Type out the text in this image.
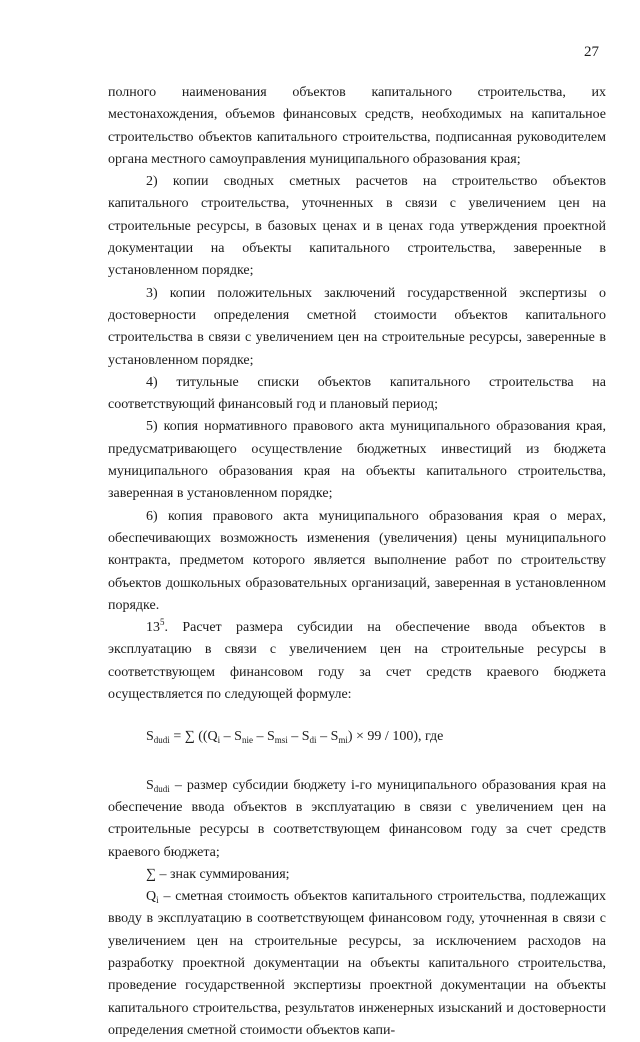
27

полного наименования объектов капитального строительства, их местонахождения, объемов финансовых средств, необходимых на капитальное строительство объектов капитального строительства, подписанная руководителем органа местного самоуправления муниципального образования края;

2) копии сводных сметных расчетов на строительство объектов капитального строительства, уточненных в связи с увеличением цен на строительные ресурсы, в базовых ценах и в ценах года утверждения проектной документации на объекты капитального строительства, заверенные в установленном порядке;

3) копии положительных заключений государственной экспертизы о достоверности определения сметной стоимости объектов капитального строительства в связи с увеличением цен на строительные ресурсы, заверенные в установленном порядке;

4) титульные списки объектов капитального строительства на соответствующий финансовый год и плановый период;

5) копия нормативного правового акта муниципального образования края, предусматривающего осуществление бюджетных инвестиций из бюджета муниципального образования края на объекты капитального строительства, заверенная в установленном порядке;

6) копия правового акта муниципального образования края о мерах, обеспечивающих возможность изменения (увеличения) цены муниципального контракта, предметом которого является выполнение работ по строительству объектов дошкольных образовательных организаций, заверенная в установленном порядке.

$13^5$. Расчет размера субсидии на обеспечение ввода объектов в эксплуатацию в связи с увеличением цен на строительные ресурсы в соответствующем финансовом году за счет средств краевого бюджета осуществляется по следующей формуле:

$S_{dudi}$ = ∑ $((Q_i - S_{nie} - S_{msi} - S_{di} - S_{mi}) \times 99 / 100)$, где

$S_{dudi}$ – размер субсидии бюджету i-го муниципального образования края на обеспечение ввода объектов в эксплуатацию в связи с увеличением цен на строительные ресурсы в соответствующем финансовом году за счет средств краевого бюджета;

∑ – знак суммирования;

$Q_i$ – сметная стоимость объектов капитального строительства, подлежащих вводу в эксплуатацию в соответствующем финансовом году, уточненная в связи с увеличением цен на строительные ресурсы, за исключением расходов на разработку проектной документации на объекты капитального строительства, проведение государственной экспертизы проектной документации на объекты капитального строительства, результатов инженерных изысканий и достоверности определения сметной стоимости объектов капи-
